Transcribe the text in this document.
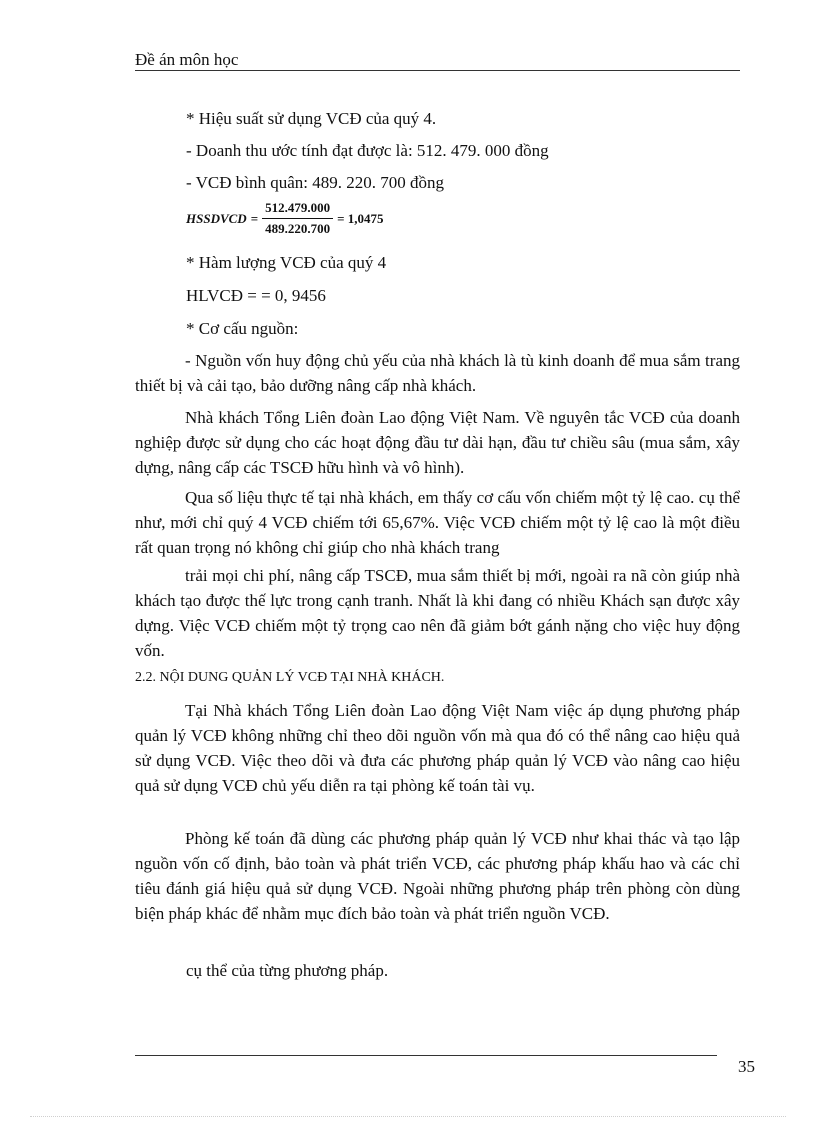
Đề án môn học

* Hiệu suất sử dụng VCĐ của quý 4.

- Doanh thu ước tính đạt được là: 512. 479. 000 đồng

- VCĐ bình quân: 489. 220. 700 đồng

HSSDVCD = $\frac{512.479.000}{489.220.700} = 1,0475$

* Hàm lượng VCĐ của quý 4

HLVCĐ = = 0, 9456

* Cơ cấu nguồn:

- Nguồn vốn huy động chủ yếu của nhà khách là tù kinh doanh để mua sắm trang thiết bị và cải tạo, bảo dưỡng nâng cấp nhà khách.

Nhà khách Tổng Liên đoàn Lao động Việt Nam. Về nguyên tắc VCĐ của doanh nghiệp được sử dụng cho các hoạt động đầu tư dài hạn, đầu tư chiều sâu (mua sắm, xây dựng, nâng cấp các TSCĐ hữu hình và vô hình).

Qua số liệu thực tế tại nhà khách, em thấy cơ cấu vốn chiếm một tỷ lệ cao. cụ thể như, mới chỉ quý 4 VCĐ chiếm tới 65,67%. Việc VCĐ chiếm một tỷ lệ cao là một điều rất quan trọng nó không chỉ giúp cho nhà khách trang

trải mọi chi phí, nâng cấp TSCĐ, mua sắm thiết bị mới, ngoài ra nã còn giúp nhà khách tạo được thế lực trong cạnh tranh. Nhất là khi đang có nhiều Khách sạn được xây dựng. Việc VCĐ chiếm một tỷ trọng cao nên đã giảm bớt gánh nặng cho việc huy động vốn.

2.2. NỘI DUNG QUẢN LÝ VCĐ TẠI NHÀ KHÁCH.

Tại Nhà khách Tổng Liên đoàn Lao động Việt Nam việc áp dụng phương pháp quản lý VCĐ không những chỉ theo dõi nguồn vốn mà qua đó có thể nâng cao hiệu quả sử dụng VCĐ. Việc theo dõi và đưa các phương pháp quản lý VCĐ vào nâng cao hiệu quả sử dụng VCĐ chủ yếu diễn ra tại phòng kế toán tài vụ.

Phòng kế toán đã dùng các phương pháp quản lý VCĐ như khai thác và tạo lập nguồn vốn cố định, bảo toàn và phát triển VCĐ, các phương pháp khấu hao và các chỉ tiêu đánh giá hiệu quả sử dụng VCĐ. Ngoài những phương pháp trên phòng còn dùng biện pháp khác để nhằm mục đích bảo toàn và phát triển nguồn VCĐ.

cụ thể của từng phương pháp.

35
